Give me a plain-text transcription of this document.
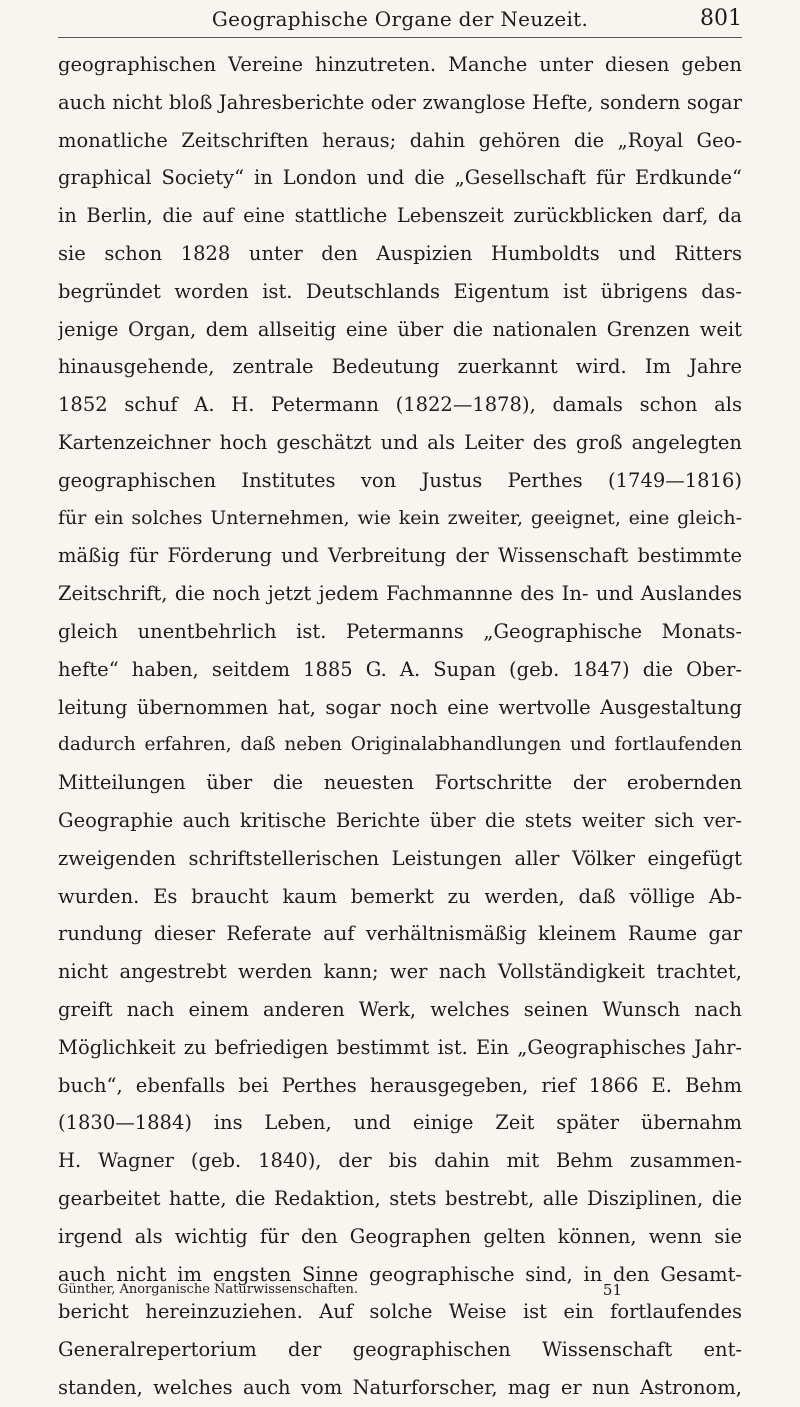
Geographische Organe der Neuzeit.	801
geographischen Vereine hinzutreten. Manche unter diesen geben
auch nicht bloß Jahresberichte oder zwanglose Hefte, sondern sogar
monatliche Zeitschriften heraus; dahin gehören die „Royal Geo-
graphical Society“ in London und die „Gesellschaft für Erdkunde“
in Berlin, die auf eine stattliche Lebenszeit zurückblicken darf, da
sie schon 1828 unter den Auspizien Humboldts und Ritters
begründet worden ist. Deutschlands Eigentum ist übrigens das-
jenige Organ, dem allseitig eine über die nationalen Grenzen weit
hinausgehende, zentrale Bedeutung zuerkannt wird. Im Jahre
1852 schuf A. H. Petermann (1822—1878), damals schon als
Kartenzeichner hoch geschätzt und als Leiter des groß angelegten
geographischen Institutes von Justus Perthes (1749—1816)
für ein solches Unternehmen, wie kein zweiter, geeignet, eine gleich-
mäßig für Förderung und Verbreitung der Wissenschaft bestimmte
Zeitschrift, die noch jetzt jedem Fachmannne des In- und Auslandes
gleich unentbehrlich ist. Petermanns „Geographische Monats-
hefte“ haben, seitdem 1885 G. A. Supan (geb. 1847) die Ober-
leitung übernommen hat, sogar noch eine wertvolle Ausgestaltung
dadurch erfahren, daß neben Originalabhandlungen und fortlaufenden
Mitteilungen über die neuesten Fortschritte der erobernden
Geographie auch kritische Berichte über die stets weiter sich ver-
zweigenden schriftstellerischen Leistungen aller Völker eingefügt
wurden. Es braucht kaum bemerkt zu werden, daß völlige Ab-
rundung dieser Referate auf verhältnismäßig kleinem Raume gar
nicht angestrebt werden kann; wer nach Vollständigkeit trachtet,
greift nach einem anderen Werk, welches seinen Wunsch nach
Möglichkeit zu befriedigen bestimmt ist. Ein „Geographisches Jahr-
buch“, ebenfalls bei Perthes herausgegeben, rief 1866 E. Behm
(1830—1884) ins Leben, und einige Zeit später übernahm
H. Wagner (geb. 1840), der bis dahin mit Behm zusammen-
gearbeitet hatte, die Redaktion, stets bestrebt, alle Disziplinen, die
irgend als wichtig für den Geographen gelten können, wenn sie
auch nicht im engsten Sinne geographische sind, in den Gesamt-
bericht hereinzuziehen. Auf solche Weise ist ein fortlaufendes
Generalrepertorium der geographischen Wissenschaft ent-
standen, welches auch vom Naturforscher, mag er nun Astronom,
Günther, Anorganische Naturwissenschaften.	51
